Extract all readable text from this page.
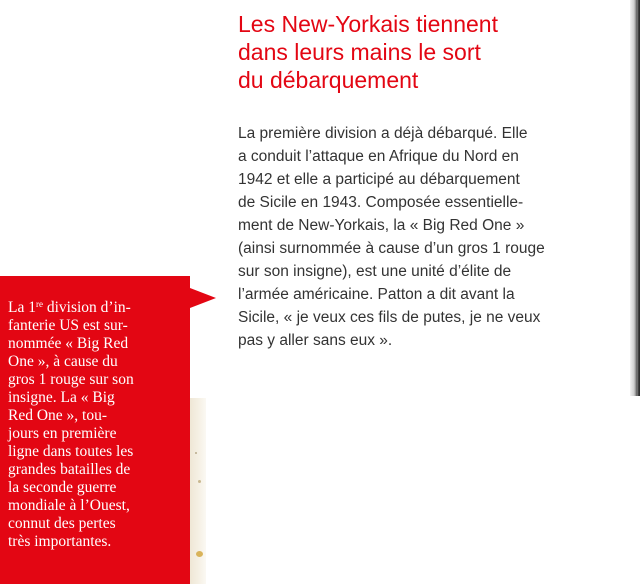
Les New-Yorkais tiennent
dans leurs mains le sort
du débarquement

La première division a déjà débarqué. Elle
a conduit l’attaque en Afrique du Nord en
1942 et elle a participé au débarquement
de Sicile en 1943. Composée essentielle-
ment de New-Yorkais, la « Big Red One »
(ainsi surnommée à cause d’un gros 1 rouge
sur son insigne), est une unité d’élite de
l’armée américaine. Patton a dit avant la
Sicile, « je veux ces fils de putes, je ne veux
pas y aller sans eux ».

La 1re division d’in-
fanterie US est sur-
nommée « Big Red
One », à cause du
gros 1 rouge sur son
insigne. La « Big
Red One », tou-
jours en première
ligne dans toutes les
grandes batailles de
la seconde guerre
mondiale à l’Ouest,
connut des pertes
très importantes.
